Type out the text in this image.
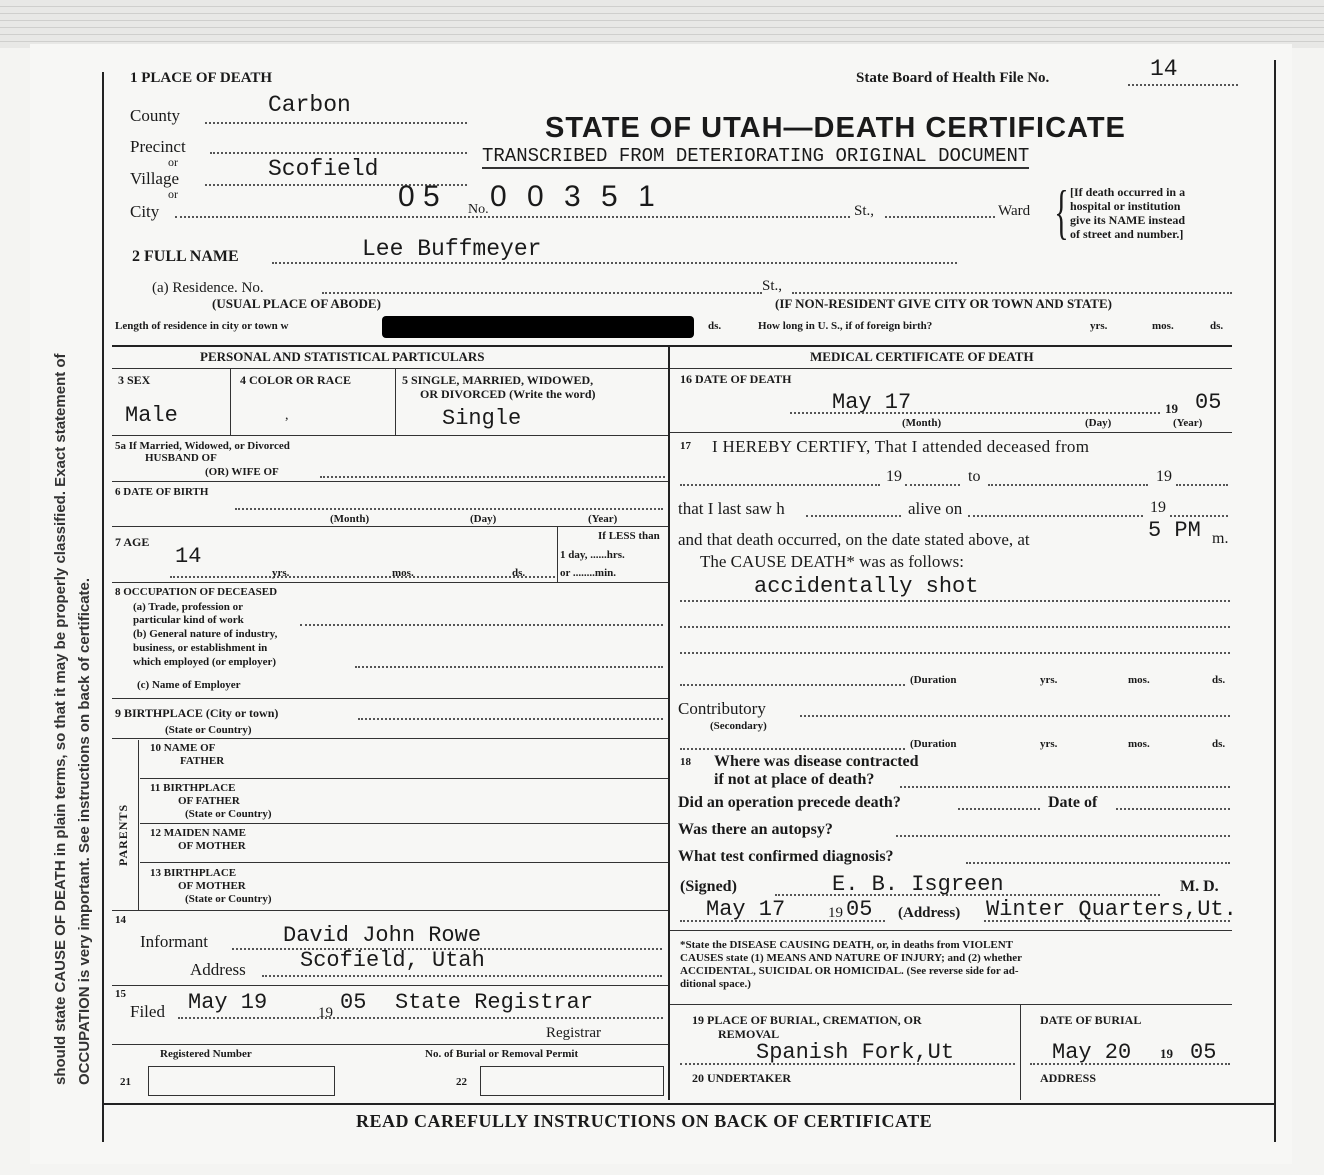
should state CAUSE OF DEATH in plain terms, so that it may be properly classified. Exact statement of OCCUPATION is very important. See instructions on back of certificate.
1 PLACE OF DEATH	State Board of Health File No.	14
STATE OF UTAH—DEATH CERTIFICATE
TRANSCRIBED FROM DETERIORATING ORIGINAL DOCUMENT
County	Carbon
Precinct
or
Village	Scofield
or
City	0 5 No. 0 0 3 5 1	St.,	Ward { [If death occurred in a
hospital or institution
give its NAME instead
of street and number.]
2 FULL NAME	Lee Buffmeyer
(a) Residence. No.	St.,
(USUAL PLACE OF ABODE)	(IF NON-RESIDENT GIVE CITY OR TOWN AND STATE)
Length of residence in city or town w	ds.	How long in U. S., if of foreign birth?	yrs.	mos.	ds.
PERSONAL AND STATISTICAL PARTICULARS
3 SEX
Male
4 COLOR OR RACE
,
5 SINGLE, MARRIED, WIDOWED,
OR DIVORCED (Write the word)
Single
5a If Married, Widowed, or Divorced
HUSBAND OF
(OR) WIFE OF
6 DATE OF BIRTH
(Month)	(Day)	(Year)
7 AGE
14
yrs.	mos.	ds.
If LESS than
1 day, ......hrs.
or ........min.
8 OCCUPATION OF DECEASED
(a) Trade, profession or
particular kind of work
(b) General nature of industry,
business, or establishment in
which employed (or employer)
(c) Name of Employer
9 BIRTHPLACE (City or town)
(State or Country)
PARENTS
10 NAME OF
FATHER
11 BIRTHPLACE
OF FATHER
(State or Country)
12 MAIDEN NAME
OF MOTHER
13 BIRTHPLACE
OF MOTHER
(State or Country)
14
Informant	David John Rowe
Address Scofield, Utah
15
Filed May 19	19 05 State Registrar
Registrar
Registered Number	No. of Burial or Removal Permit
21	22
MEDICAL CERTIFICATE OF DEATH
16 DATE OF DEATH
May 17	19 05
(Month)	(Day)	(Year)
17 I HEREBY CERTIFY, That I attended deceased from
19	to	19
that I last saw h	alive on	19
and that death occurred, on the date stated above, at	5 PM m.
The CAUSE DEATH* was as follows:
accidentally shot
(Duration	yrs.	mos.	ds.
Contributory
(Secondary)
(Duration	yrs.	mos.	ds.
18 Where was disease contracted
if not at place of death?
Did an operation precede death?	Date of
Was there an autopsy?
What test confirmed diagnosis?
(Signed)	E. B. Isgreen	M. D.
May 17	19 05 (Address) Winter Quarters,Ut.
*State the DISEASE CAUSING DEATH, or, in deaths from VIOLENT
CAUSES state (1) MEANS AND NATURE OF INJURY; and (2) whether
ACCIDENTAL, SUICIDAL OR HOMICIDAL. (See reverse side for ad-
ditional space.)
19 PLACE OF BURIAL, CREMATION, OR
REMOVAL
Spanish Fork,Ut
DATE OF BURIAL
May 20 19 05
20 UNDERTAKER	ADDRESS
READ CAREFULLY INSTRUCTIONS ON BACK OF CERTIFICATE
